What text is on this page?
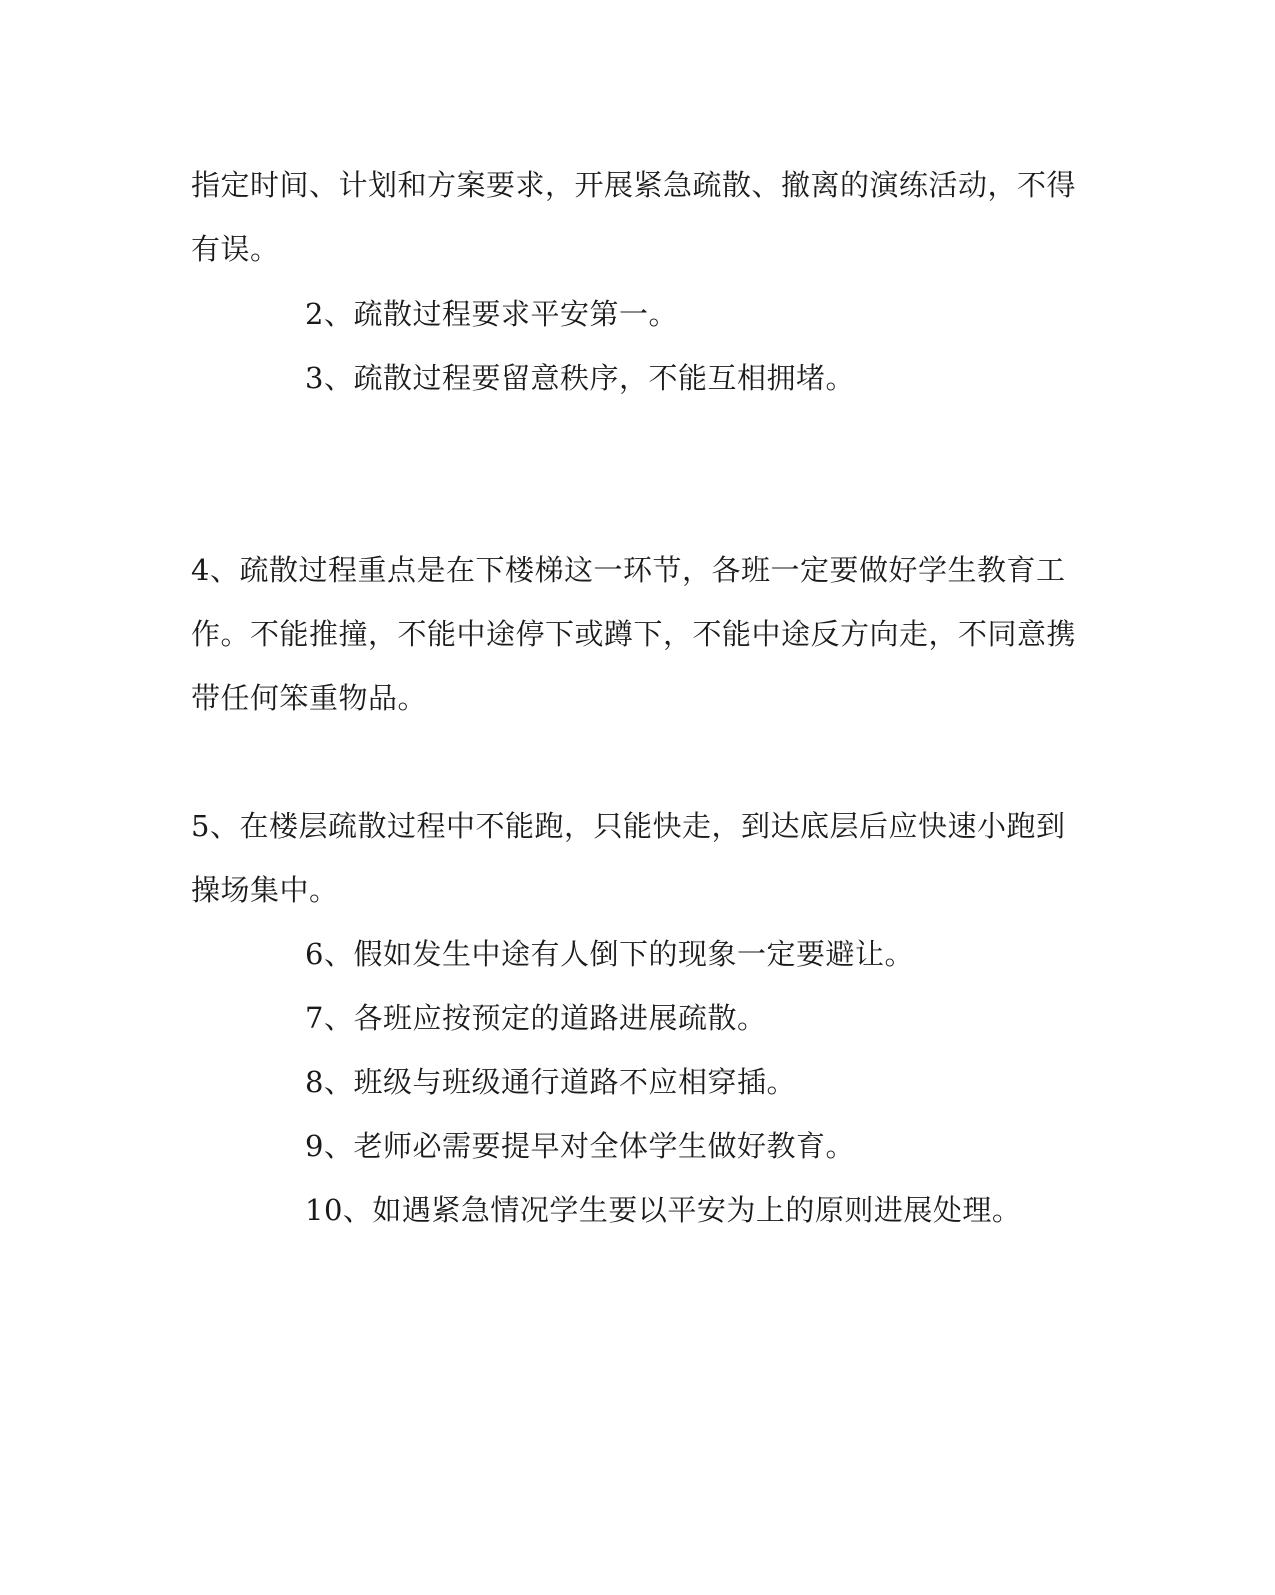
指定时间、计划和方案要求，开展紧急疏散、撤离的演练活动，不得
有误。
2、疏散过程要求平安第一。
3、疏散过程要留意秩序，不能互相拥堵。
4、疏散过程重点是在下楼梯这一环节，各班一定要做好学生教育工
作。不能推撞，不能中途停下或蹲下，不能中途反方向走，不同意携
带任何笨重物品。
5、在楼层疏散过程中不能跑，只能快走，到达底层后应快速小跑到
操场集中。
6、假如发生中途有人倒下的现象一定要避让。
7、各班应按预定的道路进展疏散。
8、班级与班级通行道路不应相穿插。
9、老师必需要提早对全体学生做好教育。
10、如遇紧急情况学生要以平安为上的原则进展处理。
